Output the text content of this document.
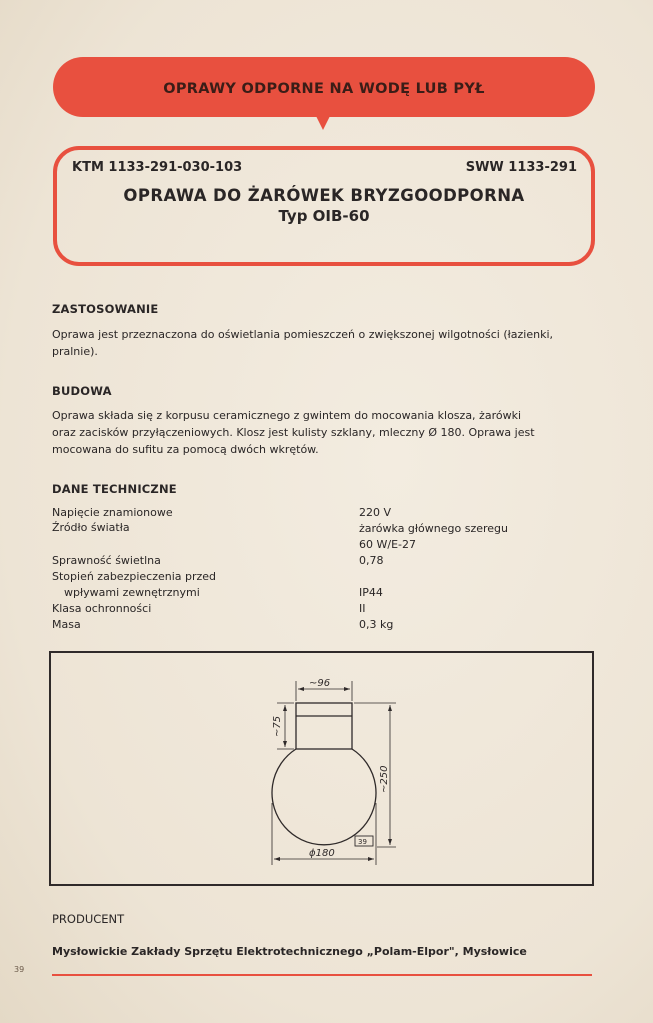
OPRAWY ODPORNE NA WODĘ LUB PYŁ
KTM 1133-291-030-103	SWW 1133-291
OPRAWA DO ŻARÓWEK BRYZGOODPORNA
Typ OIB-60
ZASTOSOWANIE
Oprawa jest przeznaczona do oświetlania pomieszczeń o zwiększonej wilgotności (łazienki,
pralnie).
BUDOWA
Oprawa składa się z korpusu ceramicznego z gwintem do mocowania klosza, żarówki
oraz zacisków przyłączeniowych. Klosz jest kulisty szklany, mleczny Ø 180. Oprawa jest
mocowana do sufitu za pomocą dwóch wkrętów.
DANE TECHNICZNE
Napięcie znamionowe
Źródło światła
Sprawność świetlna
Stopień zabezpieczenia przed
wpływami zewnętrznymi
Klasa ochronności
Masa
220 V
żarówka głównego szeregu
60 W/E-27
0,78
IP44
II
0,3 kg
~96
~75
~250
ϕ180
39
PRODUCENT
Mysłowickie Zakłady Sprzętu Elektrotechnicznego „Polam-Elpor", Mysłowice
39
